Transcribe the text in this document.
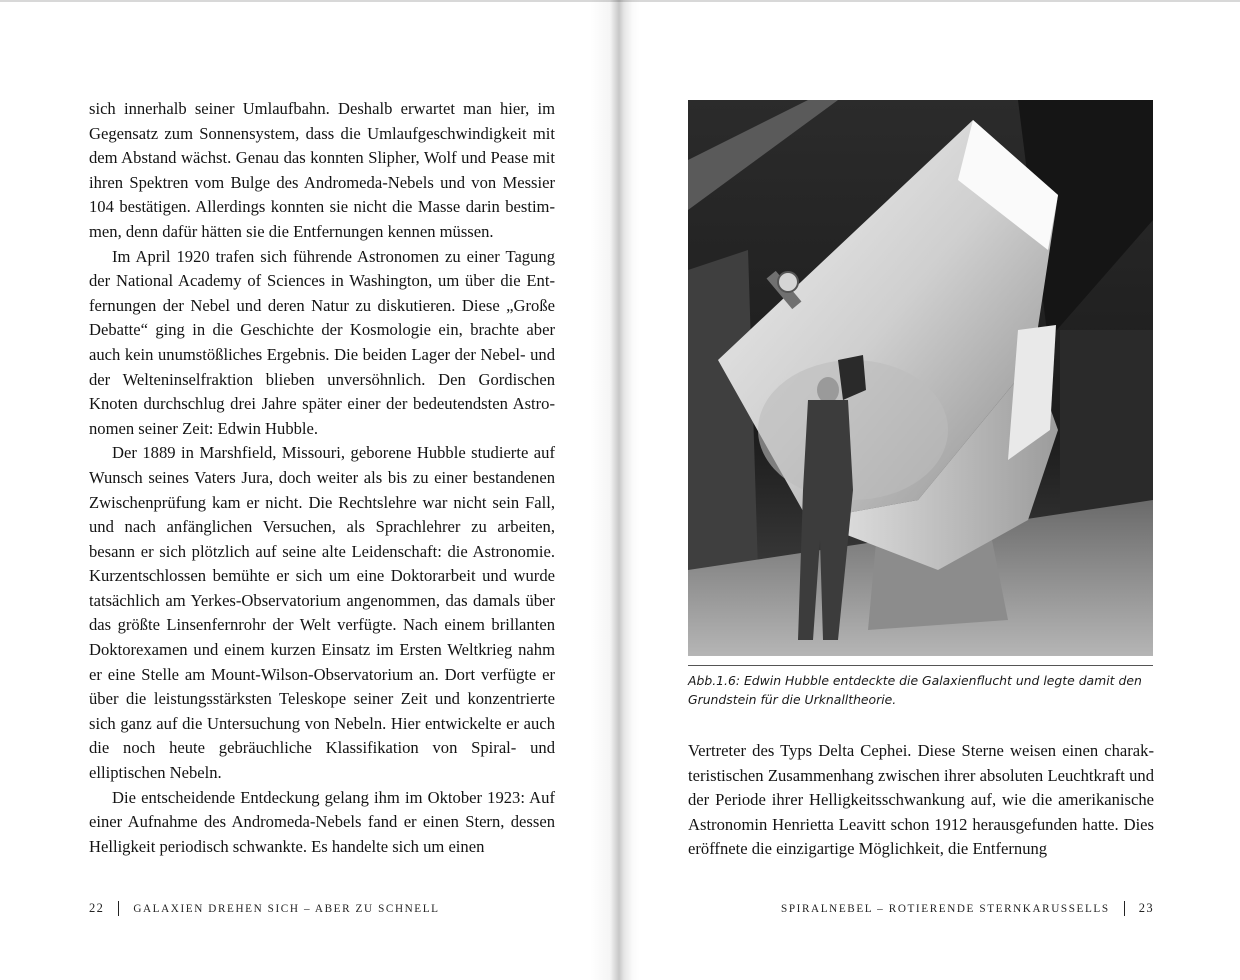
sich innerhalb seiner Umlaufbahn. Deshalb erwartet man hier, im Gegensatz zum Sonnensystem, dass die Umlaufgeschwindigkeit mit dem Abstand wächst. Genau das konnten Slipher, Wolf und Pease mit ihren Spektren vom Bulge des Andromeda-Nebels und von Messier 104 bestätigen. Allerdings konnten sie nicht die Masse darin bestimmen, denn dafür hätten sie die Entfernungen kennen müssen.

Im April 1920 trafen sich führende Astronomen zu einer Tagung der National Academy of Sciences in Washington, um über die Entfernungen der Nebel und deren Natur zu diskutieren. Diese „Große Debatte“ ging in die Geschichte der Kosmologie ein, brachte aber auch kein unumstößliches Ergebnis. Die beiden Lager der Nebel- und der Welteninselfraktion blieben unversöhnlich. Den Gordischen Knoten durchschlug drei Jahre später einer der bedeutendsten Astronomen seiner Zeit: Edwin Hubble.

Der 1889 in Marshfield, Missouri, geborene Hubble studierte auf Wunsch seines Vaters Jura, doch weiter als bis zu einer bestandenen Zwischenprüfung kam er nicht. Die Rechtslehre war nicht sein Fall, und nach anfänglichen Versuchen, als Sprachlehrer zu arbeiten, besann er sich plötzlich auf seine alte Leidenschaft: die Astronomie. Kurzentschlossen bemühte er sich um eine Doktorarbeit und wurde tatsächlich am Yerkes-Observatorium angenommen, das damals über das größte Linsenfernrohr der Welt verfügte. Nach einem brillanten Doktorexamen und einem kurzen Einsatz im Ersten Weltkrieg nahm er eine Stelle am Mount-Wilson-Observatorium an. Dort verfügte er über die leistungsstärksten Teleskope seiner Zeit und konzentrierte sich ganz auf die Untersuchung von Nebeln. Hier entwickelte er auch die noch heute gebräuchliche Klassifikation von Spiral- und elliptischen Nebeln.

Die entscheidende Entdeckung gelang ihm im Oktober 1923: Auf einer Aufnahme des Andromeda-Nebels fand er einen Stern, dessen Helligkeit periodisch schwankte. Es handelte sich um einen

22	GALAXIEN DREHEN SICH – ABER ZU SCHNELL

Abb.1.6: Edwin Hubble entdeckte die Galaxienflucht und legte damit den Grundstein für die Urknalltheorie.

Vertreter des Typs Delta Cephei. Diese Sterne weisen einen charakteristischen Zusammenhang zwischen ihrer absoluten Leuchtkraft und der Periode ihrer Helligkeitsschwankung auf, wie die amerikanische Astronomin Henrietta Leavitt schon 1912 herausgefunden hatte. Dies eröffnete die einzigartige Möglichkeit, die Entfernung

SPIRALNEBEL – ROTIERENDE STERNKARUSSELLS 23
